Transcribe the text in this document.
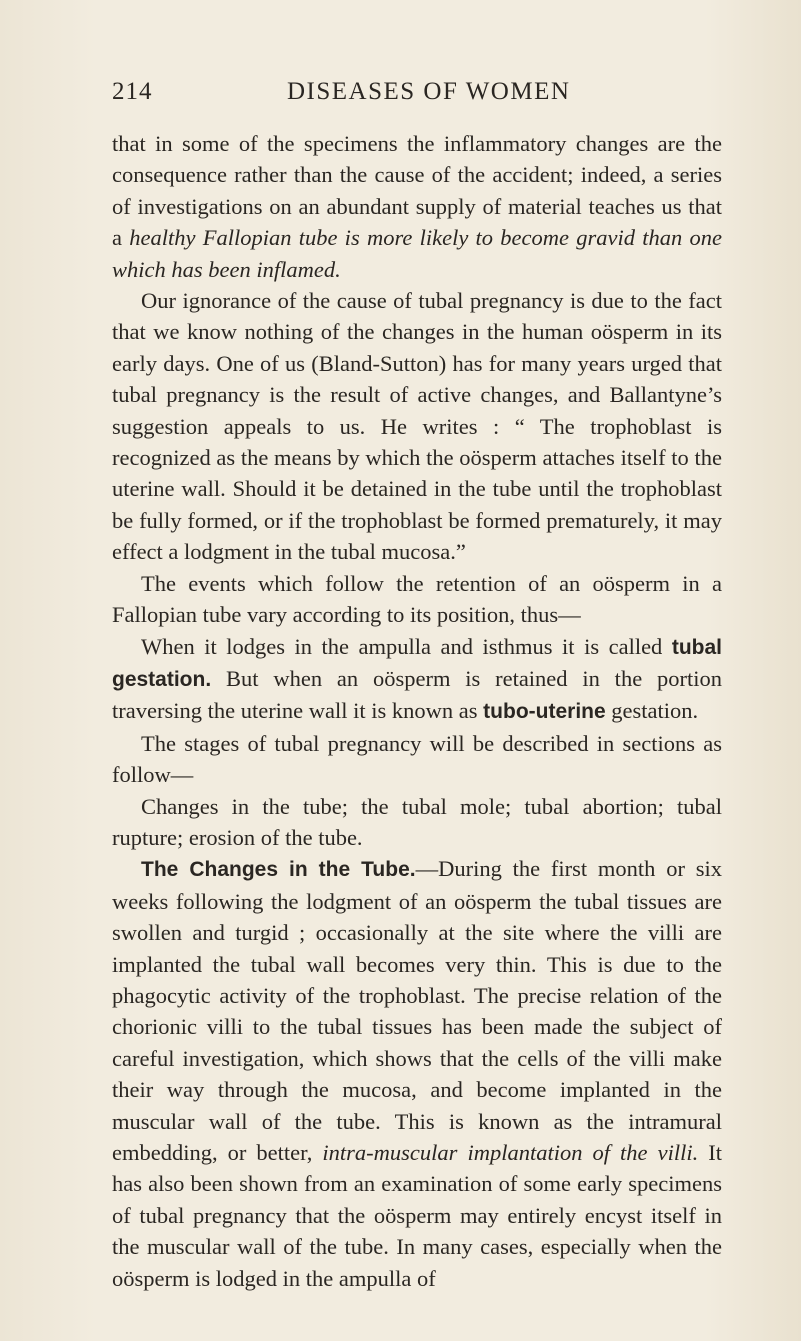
214	DISEASES OF WOMEN

that in some of the specimens the inflammatory changes are the consequence rather than the cause of the accident; indeed, a series of investigations on an abundant supply of material teaches us that a healthy Fallopian tube is more likely to become gravid than one which has been inflamed.

Our ignorance of the cause of tubal pregnancy is due to the fact that we know nothing of the changes in the human oösperm in its early days. One of us (Bland-Sutton) has for many years urged that tubal pregnancy is the result of active changes, and Ballantyne’s suggestion appeals to us. He writes : “ The trophoblast is recognized as the means by which the oösperm attaches itself to the uterine wall. Should it be detained in the tube until the trophoblast be fully formed, or if the trophoblast be formed prematurely, it may effect a lodgment in the tubal mucosa.”

The events which follow the retention of an oösperm in a Fallopian tube vary according to its position, thus—

When it lodges in the ampulla and isthmus it is called tubal gestation. But when an oösperm is retained in the portion traversing the uterine wall it is known as tubo-uterine gestation.

The stages of tubal pregnancy will be described in sections as follow—

Changes in the tube; the tubal mole; tubal abortion; tubal rupture; erosion of the tube.

The Changes in the Tube.—During the first month or six weeks following the lodgment of an oösperm the tubal tissues are swollen and turgid ; occasionally at the site where the villi are implanted the tubal wall becomes very thin. This is due to the phagocytic activity of the trophoblast. The precise relation of the chorionic villi to the tubal tissues has been made the subject of careful investigation, which shows that the cells of the villi make their way through the mucosa, and become implanted in the muscular wall of the tube. This is known as the intramural embedding, or better, intra-muscular implantation of the villi. It has also been shown from an examination of some early specimens of tubal pregnancy that the oösperm may entirely encyst itself in the muscular wall of the tube. In many cases, especially when the oösperm is lodged in the ampulla of
